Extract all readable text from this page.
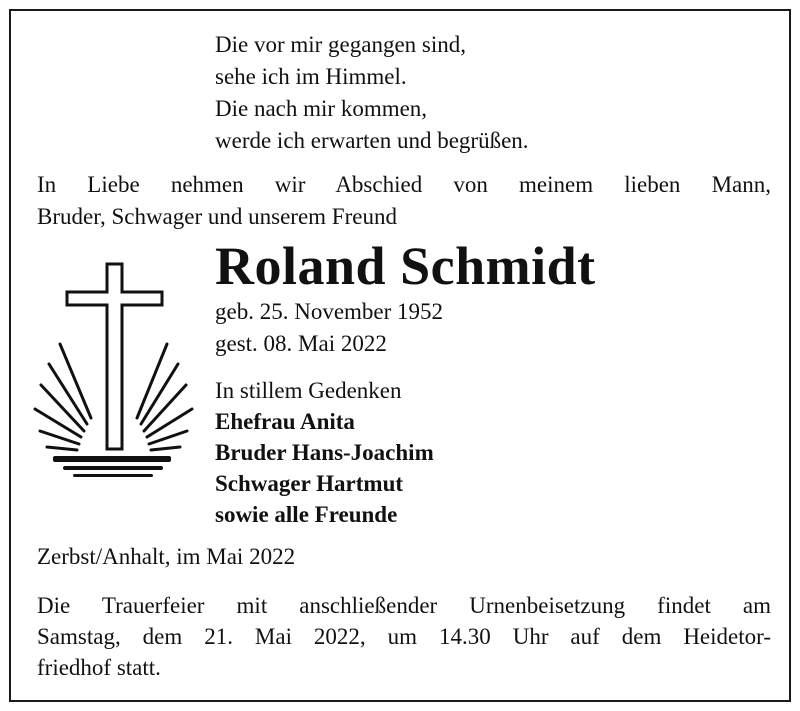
Die vor mir gegangen sind,
sehe ich im Himmel.
Die nach mir kommen,
werde ich erwarten und begrüßen.
In Liebe nehmen wir Abschied von meinem lieben Mann,
Bruder, Schwager und unserem Freund
Roland Schmidt
geb. 25. November 1952
gest. 08. Mai 2022
In stillem Gedenken
Ehefrau Anita
Bruder Hans-Joachim
Schwager Hartmut
sowie alle Freunde
Zerbst/Anhalt, im Mai 2022
Die Trauerfeier mit anschließender Urnenbeisetzung findet am
Samstag, dem 21. Mai 2022, um 14.30 Uhr auf dem Heidetor-
friedhof statt.
